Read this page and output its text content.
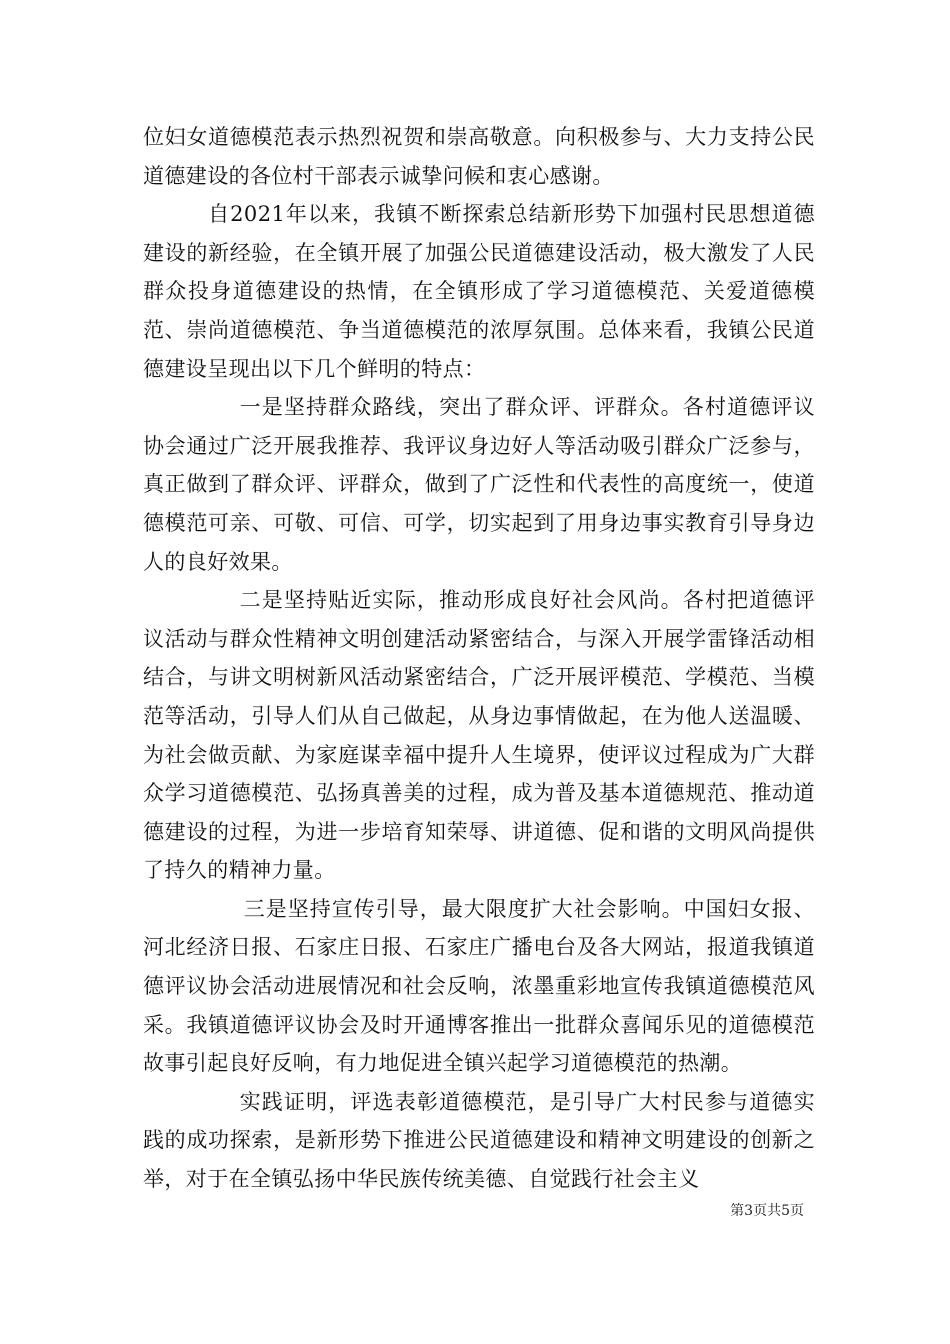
位妇女道德模范表示热烈祝贺和崇高敬意。向积极参与、大力支持公民道德建设的各位村干部表示诚挚问候和衷心感谢。

自2021年以来，我镇不断探索总结新形势下加强村民思想道德建设的新经验，在全镇开展了加强公民道德建设活动，极大激发了人民群众投身道德建设的热情，在全镇形成了学习道德模范、关爱道德模范、崇尚道德模范、争当道德模范的浓厚氛围。总体来看，我镇公民道德建设呈现出以下几个鲜明的特点：

一是坚持群众路线，突出了群众评、评群众。各村道德评议协会通过广泛开展我推荐、我评议身边好人等活动吸引群众广泛参与，真正做到了群众评、评群众，做到了广泛性和代表性的高度统一，使道德模范可亲、可敬、可信、可学，切实起到了用身边事实教育引导身边人的良好效果。

二是坚持贴近实际，推动形成良好社会风尚。各村把道德评议活动与群众性精神文明创建活动紧密结合，与深入开展学雷锋活动相结合，与讲文明树新风活动紧密结合，广泛开展评模范、学模范、当模范等活动，引导人们从自己做起，从身边事情做起，在为他人送温暖、为社会做贡献、为家庭谋幸福中提升人生境界，使评议过程成为广大群众学习道德模范、弘扬真善美的过程，成为普及基本道德规范、推动道德建设的过程，为进一步培育知荣辱、讲道德、促和谐的文明风尚提供了持久的精神力量。

三是坚持宣传引导，最大限度扩大社会影响。中国妇女报、河北经济日报、石家庄日报、石家庄广播电台及各大网站，报道我镇道德评议协会活动进展情况和社会反响，浓墨重彩地宣传我镇道德模范风采。我镇道德评议协会及时开通博客推出一批群众喜闻乐见的道德模范故事引起良好反响，有力地促进全镇兴起学习道德模范的热潮。

实践证明，评选表彰道德模范，是引导广大村民参与道德实践的成功探索，是新形势下推进公民道德建设和精神文明建设的创新之举，对于在全镇弘扬中华民族传统美德、自觉践行社会主义

第3页共5页
